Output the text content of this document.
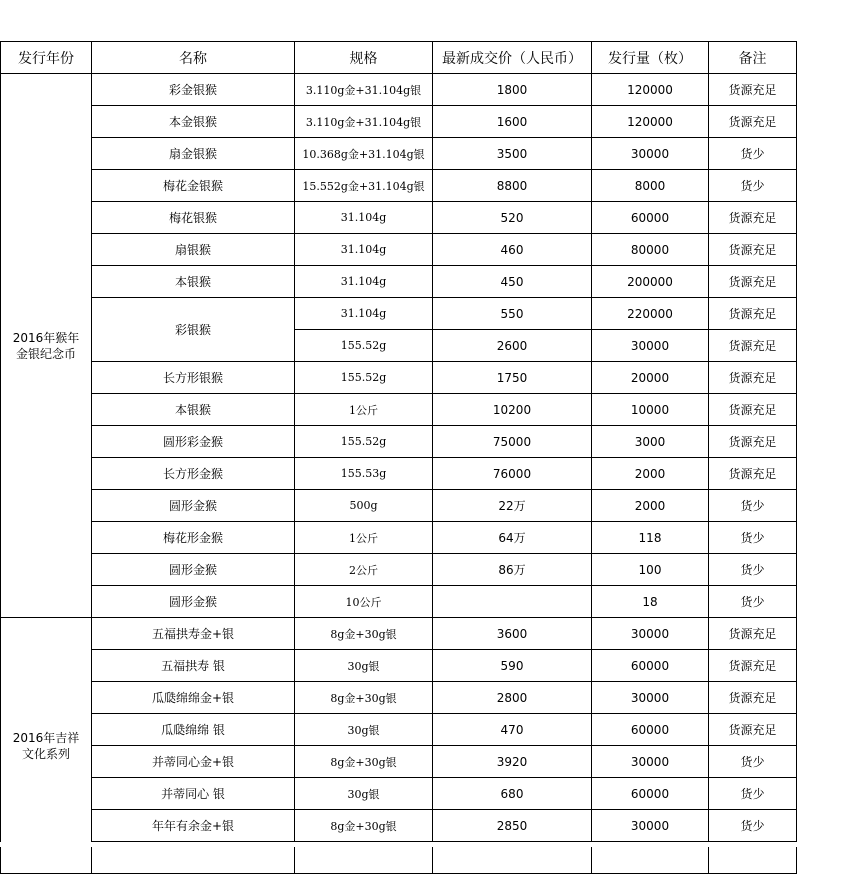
发行年份	名称	规格	最新成交价（人民币）	发行量（枚）	备注

2016年猴年
金银纪念币	彩金银猴	3.110g金+31.104g银	1800	120000	货源充足
	本金银猴	3.110g金+31.104g银	1600	120000	货源充足
	扇金银猴	10.368g金+31.104g银	3500	30000	货少
	梅花金银猴	15.552g金+31.104g银	8800	8000	货少
	梅花银猴	31.104g	520	60000	货源充足
	扇银猴	31.104g	460	80000	货源充足
	本银猴	31.104g	450	200000	货源充足
	彩银猴	31.104g	550	220000	货源充足
		155.52g	2600	30000	货源充足
	长方形银猴	155.52g	1750	20000	货源充足
	本银猴	1公斤	10200	10000	货源充足
	圆形彩金猴	155.52g	75000	3000	货源充足
	长方形金猴	155.53g	76000	2000	货源充足
	圆形金猴	500g	22万	2000	货少
	梅花形金猴	1公斤	64万	118	货少
	圆形金猴	2公斤	86万	100	货少
	圆形金猴	10公斤		18	货少

2016年吉祥
文化系列	五福拱寿金+银	8g金+30g银	3600	30000	货源充足
	五福拱寿 银	30g银	590	60000	货源充足
	瓜瓞绵绵金+银	8g金+30g银	2800	30000	货源充足
	瓜瓞绵绵 银	30g银	470	60000	货源充足
	并蒂同心金+银	8g金+30g银	3920	30000	货少
	并蒂同心 银	30g银	680	60000	货少
	年年有余金+银	8g金+30g银	2850	30000	货少
